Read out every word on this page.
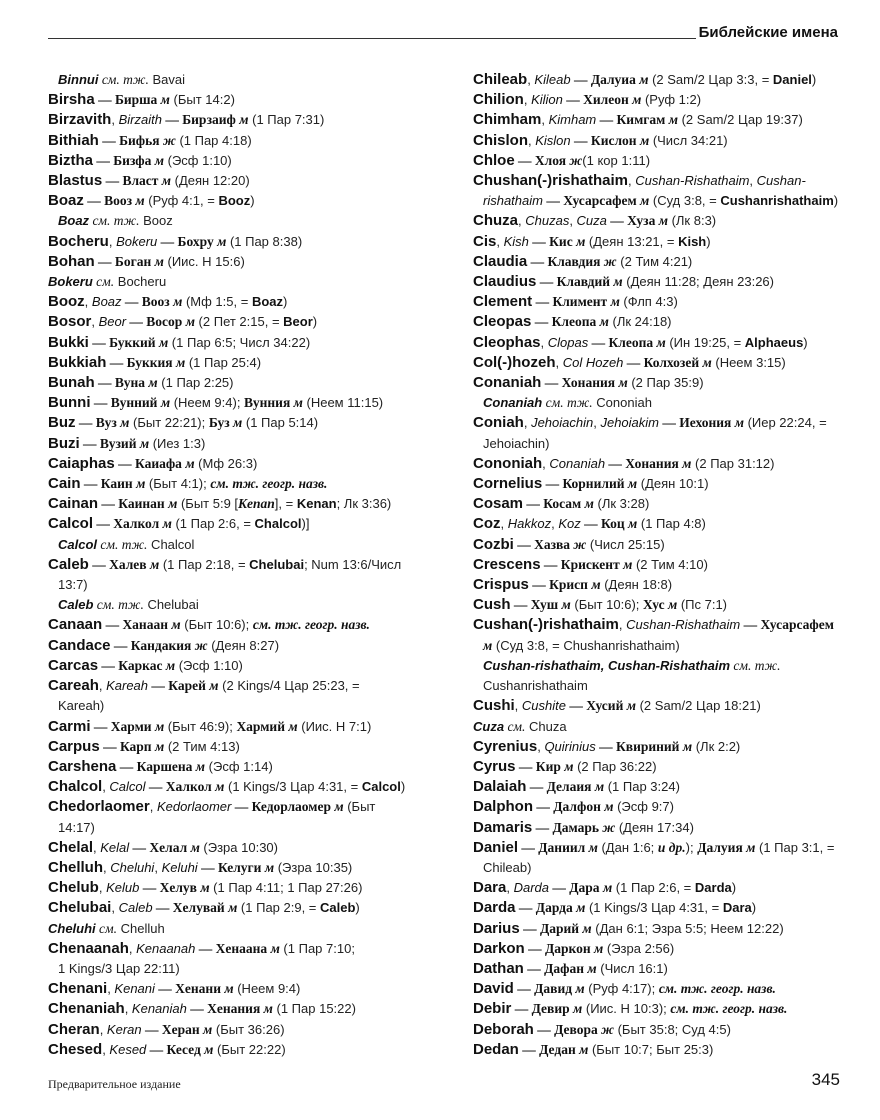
Библейские имена
Binnui см. тж. Bavai
Birsha — Бирша м (Быт 14:2)
Birzavith, Birzaith — Бирзаиф м (1 Пар 7:31)
Bithiah — Бифья ж (1 Пар 4:18)
Biztha — Бизфа м (Эсф 1:10)
Blastus — Власт м (Деян 12:20)
Boaz — Вооз м (Руф 4:1, = Booz)
Boaz см. тж. Booz
Bocheru, Bokeru — Бохру м (1 Пар 8:38)
Bohan — Боган м (Иис. Н 15:6)
Bokeru см. Bocheru
Booz, Boaz — Вооз м (Мф 1:5, = Boaz)
Bosor, Beor — Восор м (2 Пет 2:15, = Beor)
Bukki — Буккий м (1 Пар 6:5; Числ 34:22)
Bukkiah — Буккия м (1 Пар 25:4)
Bunah — Вуна м (1 Пар 2:25)
Bunni — Вунний м (Неем 9:4); Вунния м (Неем 11:15)
Buz — Вуз м (Быт 22:21); Буз м (1 Пар 5:14)
Buzi — Вузий м (Иез 1:3)
Caiaphas — Каиафа м (Мф 26:3)
Cain — Каин м (Быт 4:1); см. тж. геогр. назв.
Cainan — Каинан м (Быт 5:9 [Kenan], = Kenan; Лк 3:36)
Calcol — Халкол м (1 Пар 2:6, = Chalcol)]
Calcol см. тж. Chalcol
Caleb — Халев м (1 Пар 2:18, = Chelubai; Num 13:6/Числ
13:7)
Caleb см. тж. Chelubai
Canaan — Ханаан м (Быт 10:6); см. тж. геогр. назв.
Candace — Кандакия ж (Деян 8:27)
Carcas — Каркас м (Эсф 1:10)
Careah, Kareah — Карей м (2 Kings/4 Цар 25:23, =
Kareah)
Carmi — Харми м (Быт 46:9); Хармий м (Иис. Н 7:1)
Carpus — Карп м (2 Тим 4:13)
Carshena — Каршена м (Эсф 1:14)
Chalcol, Calcol — Халкол м (1 Kings/3 Цар 4:31, = Calcol)
Chedorlaomer, Kedorlaomer — Кедорлаомер м (Быт
14:17)
Chelal, Kelal — Хелал м (Эзра 10:30)
Chelluh, Cheluhi, Keluhi — Келуги м (Эзра 10:35)
Chelub, Kelub — Хелув м (1 Пар 4:11; 1 Пар 27:26)
Chelubai, Caleb — Хелувай м (1 Пар 2:9, = Caleb)
Cheluhi см. Chelluh
Chenaanah, Kenaanah — Хенаана м (1 Пар 7:10;
1 Kings/3 Цар 22:11)
Chenani, Kenani — Хенани м (Неем 9:4)
Chenaniah, Kenaniah — Хенания м (1 Пар 15:22)
Cheran, Keran — Херан м (Быт 36:26)
Chesed, Kesed — Кесед м (Быт 22:22)
Chileab, Kileab — Далуиа м (2 Sam/2 Цар 3:3, = Daniel)
Chilion, Kilion — Хилеон м (Руф 1:2)
Chimham, Kimham — Кимгам м (2 Sam/2 Цар 19:37)
Chislon, Kislon — Кислон м (Числ 34:21)
Chloe — Хлоя ж(1 кор 1:11)
Chushan(-)rishathaim, Cushan-Rishathaim, Cushan-
rishathaim — Хусарсафем м (Суд 3:8, = Cushanrishathaim)
Chuza, Chuzas, Cuza — Хуза м (Лк 8:3)
Cis, Kish — Кис м (Деян 13:21, = Kish)
Claudia — Клавдия ж (2 Тим 4:21)
Claudius — Клавдий м (Деян 11:28; Деян 23:26)
Clement — Климент м (Флп 4:3)
Cleopas — Клеопа м (Лк 24:18)
Cleophas, Clopas — Клеопа м (Ин 19:25, = Alphaeus)
Col(-)hozeh, Col Hozeh — Колхозей м (Неем 3:15)
Conaniah — Хонания м (2 Пар 35:9)
Conaniah см. тж. Cononiah
Coniah, Jehoiachin, Jehoiakim — Иехония м (Иер 22:24, =
Jehoiachin)
Cononiah, Conaniah — Хонания м (2 Пар 31:12)
Cornelius — Корнилий м (Деян 10:1)
Cosam — Косам м (Лк 3:28)
Coz, Hakkoz, Koz — Коц м (1 Пар 4:8)
Cozbi — Хазва ж (Числ 25:15)
Crescens — Крискент м (2 Тим 4:10)
Crispus — Крисп м (Деян 18:8)
Cush — Хуш м (Быт 10:6); Хус м (Пс 7:1)
Cushan(-)rishathaim, Cushan-Rishathaim — Хусарсафем
м (Суд 3:8, = Chushanrishathaim)
Cushan-rishathaim, Cushan-Rishathaim см. тж.
Cushanrishathaim
Cushi, Cushite — Хусий м (2 Sam/2 Цар 18:21)
Cuza см. Chuza
Cyrenius, Quirinius — Квириний м (Лк 2:2)
Cyrus — Кир м (2 Пар 36:22)
Dalaiah — Делаия м (1 Пар 3:24)
Dalphon — Далфон м (Эсф 9:7)
Damaris — Дамарь ж (Деян 17:34)
Daniel — Даниил м (Дан 1:6; и др.); Далуия м (1 Пар 3:1, =
Chileab)
Dara, Darda — Дара м (1 Пар 2:6, = Darda)
Darda — Дарда м (1 Kings/3 Цар 4:31, = Dara)
Darius — Дарий м (Дан 6:1; Эзра 5:5; Неем 12:22)
Darkon — Даркон м (Эзра 2:56)
Dathan — Дафан м (Числ 16:1)
David — Давид м (Руф 4:17); см. тж. геогр. назв.
Debir — Девир м (Иис. Н 10:3); см. тж. геогр. назв.
Deborah — Девора ж (Быт 35:8; Суд 4:5)
Dedan — Дедан м (Быт 10:7; Быт 25:3)
Предварительное издание	345
